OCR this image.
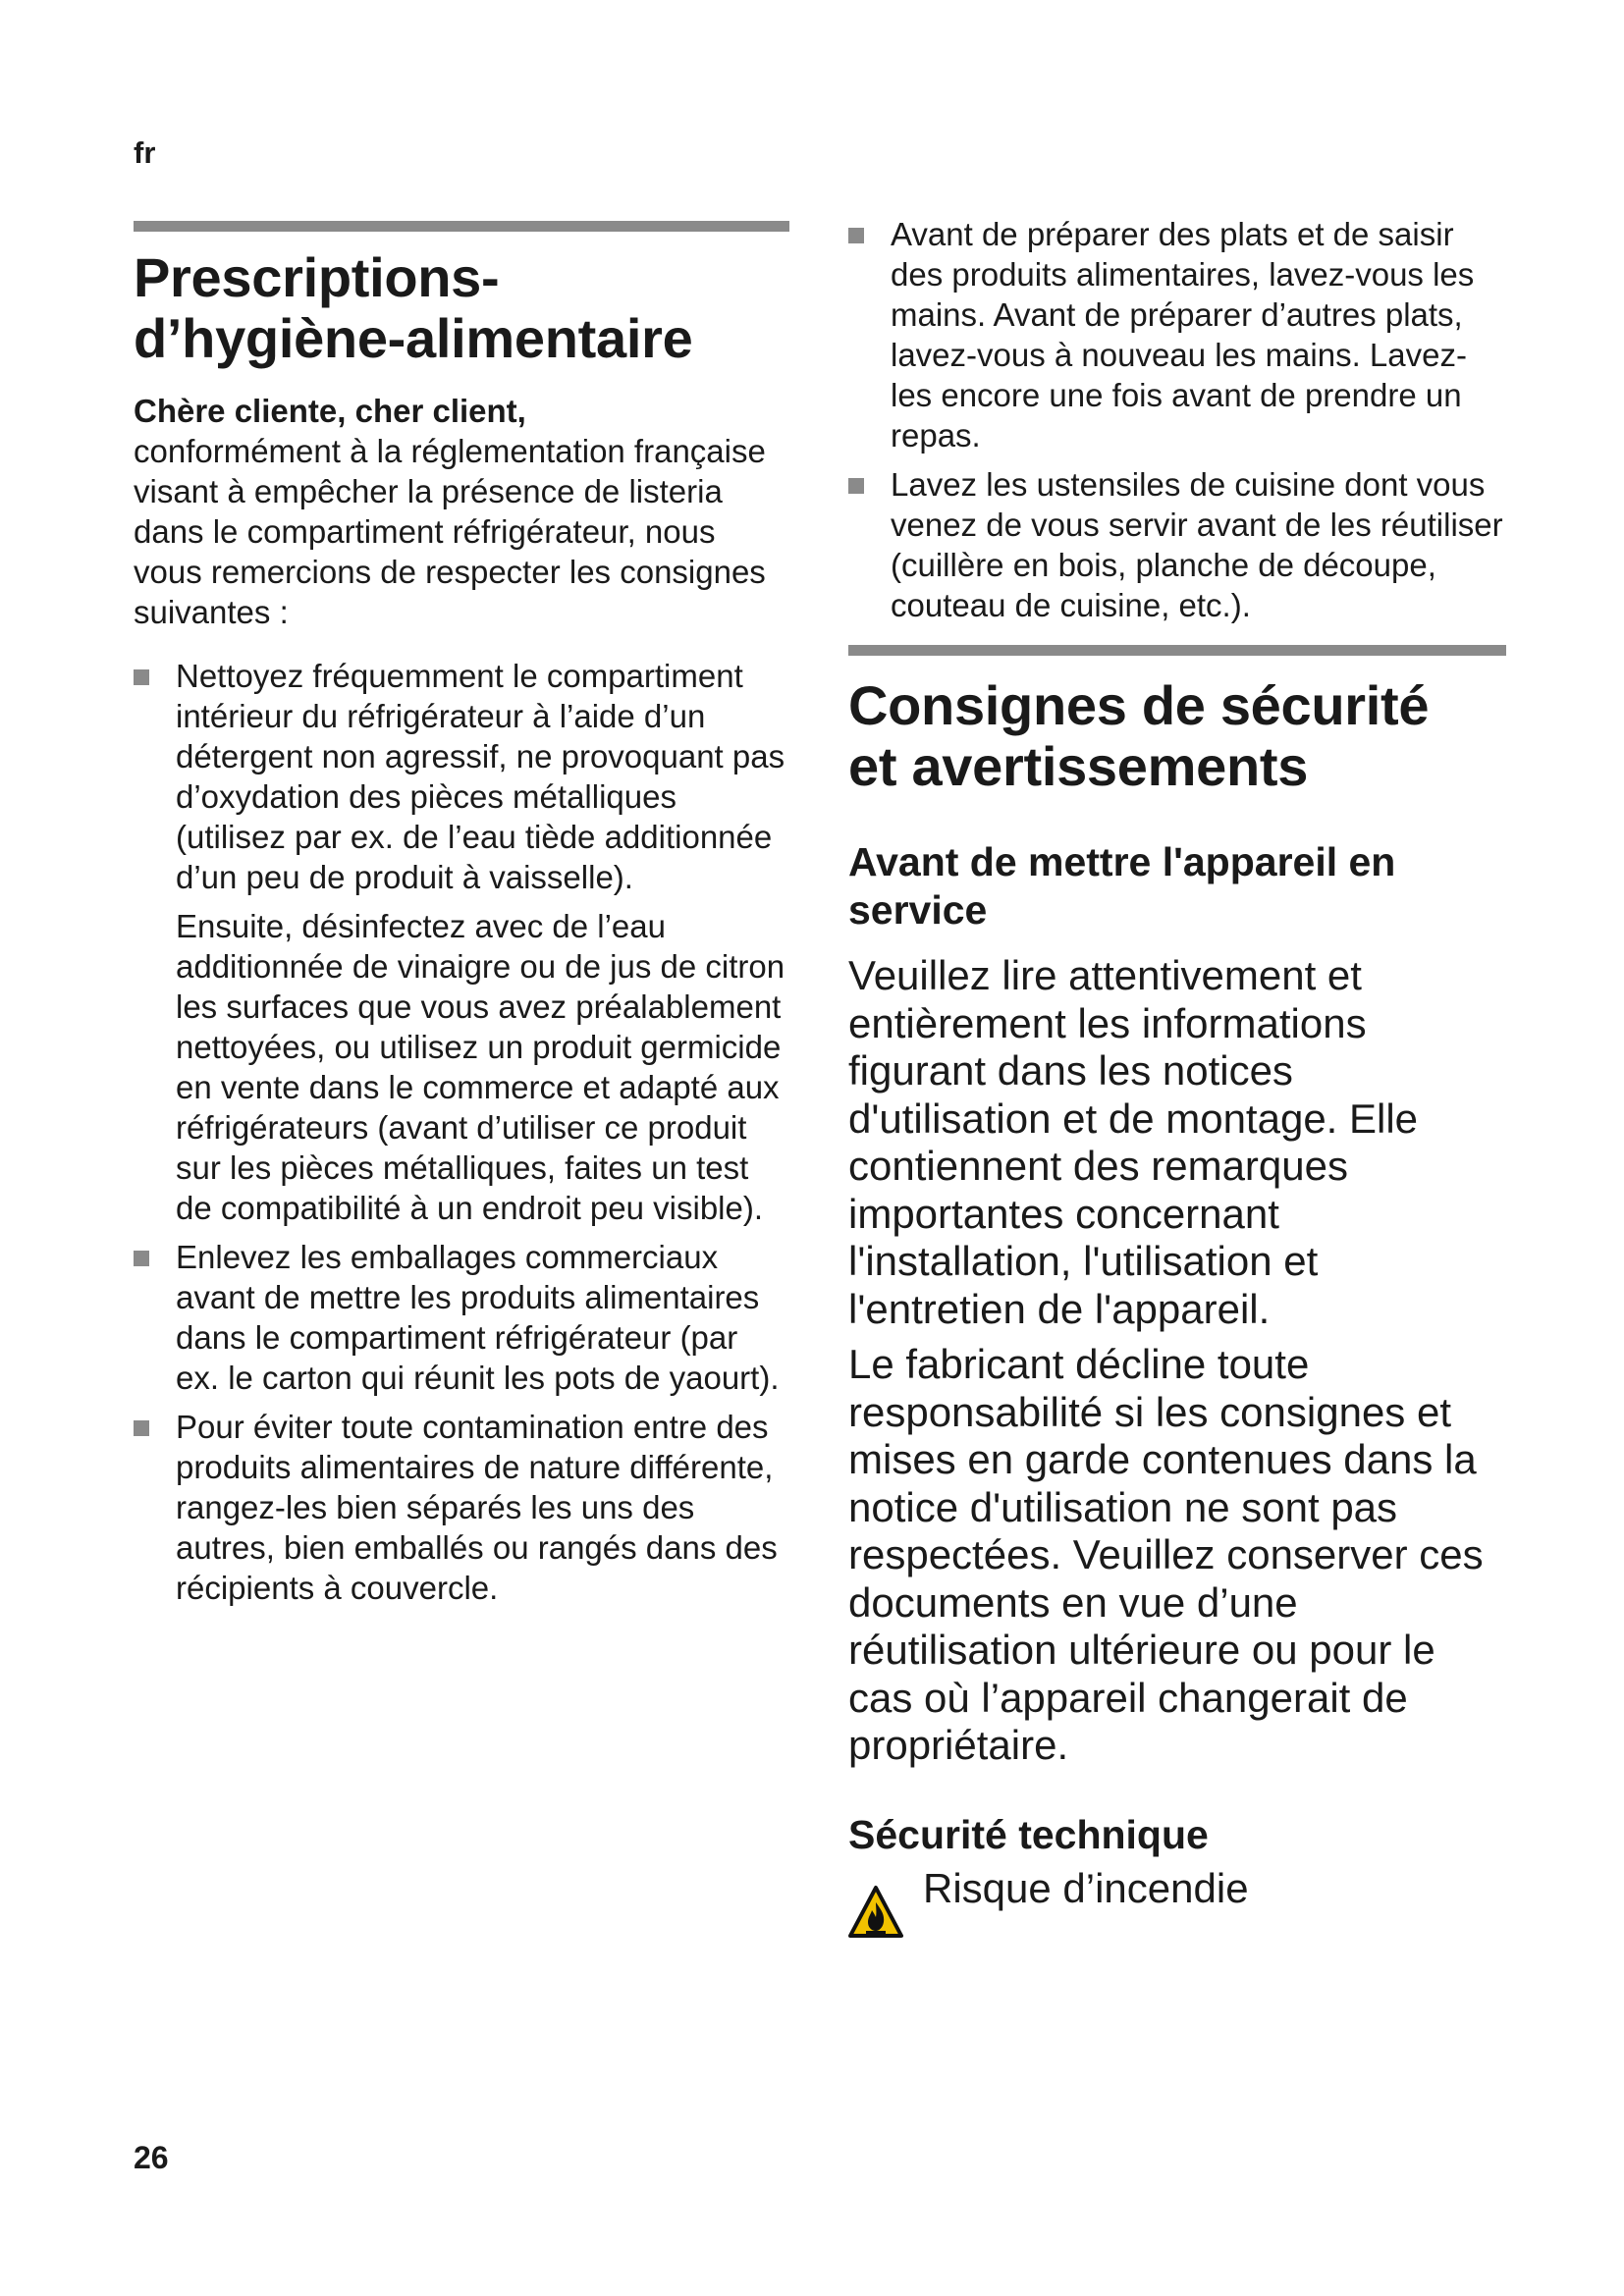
fr
Prescriptions-
d’hygiène-alimentaire
Chère cliente, cher client,
conformément à la réglementation française visant à empêcher la présence de listeria dans le compartiment réfrigérateur, nous vous remercions de respecter les consignes suivantes :

Nettoyez fréquemment le compartiment intérieur du réfrigérateur à l’aide d’un détergent non agressif, ne provoquant pas d’oxydation des pièces métalliques (utilisez par ex. de l’eau tiède additionnée d’un peu de produit à vaisselle).

Ensuite, désinfectez avec de l’eau additionnée de vinaigre ou de jus de citron les surfaces que vous avez préalablement nettoyées, ou utilisez un produit germicide en vente dans le commerce et adapté aux réfrigérateurs (avant d’utiliser ce produit sur les pièces métalliques, faites un test de compatibilité à un endroit peu visible).

Enlevez les emballages commerciaux avant de mettre les produits alimentaires dans le compartiment réfrigérateur (par ex. le carton qui réunit les pots de yaourt).

Pour éviter toute contamination entre des produits alimentaires de nature différente, rangez-les bien séparés les uns des autres, bien emballés ou rangés dans des récipients à couvercle.

Avant de préparer des plats et de saisir des produits alimentaires, lavez-vous les mains. Avant de préparer d’autres plats, lavez-vous à nouveau les mains. Lavez-les encore une fois avant de prendre un repas.

Lavez les ustensiles de cuisine dont vous venez de vous servir avant de les réutiliser (cuillère en bois, planche de découpe, couteau de cuisine, etc.).

Consignes de sécurité
et avertissements
Avant de mettre l'appareil en service

Veuillez lire attentivement et entièrement les informations figurant dans les notices d'utilisation et de montage. Elle contiennent des remarques importantes concernant l'installation, l'utilisation et l'entretien de l'appareil.

Le fabricant décline toute responsabilité si les consignes et mises en garde contenues dans la notice d'utilisation ne sont pas respectées. Veuillez conserver ces documents en vue d’une réutilisation ultérieure ou pour le cas où l’appareil changerait de propriétaire.

Sécurité technique
Risque d’incendie
26
